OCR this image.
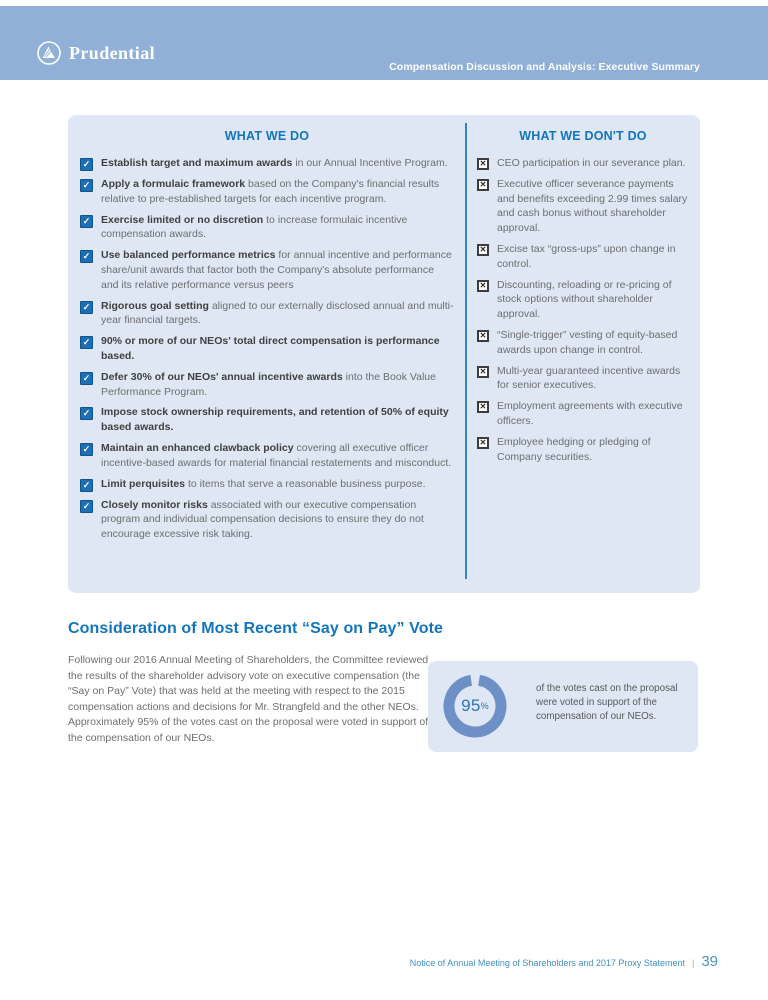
Prudential
Compensation Discussion and Analysis: Executive Summary
WHAT WE DO
✓ Establish target and maximum awards in our Annual Incentive Program.
✓ Apply a formulaic framework based on the Company's financial results relative to pre-established targets for each incentive program.
✓ Exercise limited or no discretion to increase formulaic incentive compensation awards.
✓ Use balanced performance metrics for annual incentive and performance share/unit awards that factor both the Company's absolute performance and its relative performance versus peers
✓ Rigorous goal setting aligned to our externally disclosed annual and multi-year financial targets.
✓ 90% or more of our NEOs' total direct compensation is performance based.
✓ Defer 30% of our NEOs' annual incentive awards into the Book Value Performance Program.
✓ Impose stock ownership requirements, and retention of 50% of equity based awards.
✓ Maintain an enhanced clawback policy covering all executive officer incentive-based awards for material financial restatements and misconduct.
✓ Limit perquisites to items that serve a reasonable business purpose.
✓ Closely monitor risks associated with our executive compensation program and individual compensation decisions to ensure they do not encourage excessive risk taking.
WHAT WE DON'T DO
✕ CEO participation in our severance plan.
✕ Executive officer severance payments and benefits exceeding 2.99 times salary and cash bonus without shareholder approval.
✕ Excise tax “gross-ups” upon change in control.
✕ Discounting, reloading or re-pricing of stock options without shareholder approval.
✕ “Single-trigger” vesting of equity-based awards upon change in control.
✕ Multi-year guaranteed incentive awards for senior executives.
✕ Employment agreements with executive officers.
✕ Employee hedging or pledging of Company securities.
Consideration of Most Recent “Say on Pay” Vote
Following our 2016 Annual Meeting of Shareholders, the Committee reviewed the results of the shareholder advisory vote on executive compensation (the “Say on Pay” Vote) that was held at the meeting with respect to the 2015 compensation actions and decisions for Mr. Strangfeld and the other NEOs. Approximately 95% of the votes cast on the proposal were voted in support of the compensation of our NEOs.
95 %
of the votes cast on the proposal were voted in support of the compensation of our NEOs.
Notice of Annual Meeting of Shareholders and 2017 Proxy Statement | 39
